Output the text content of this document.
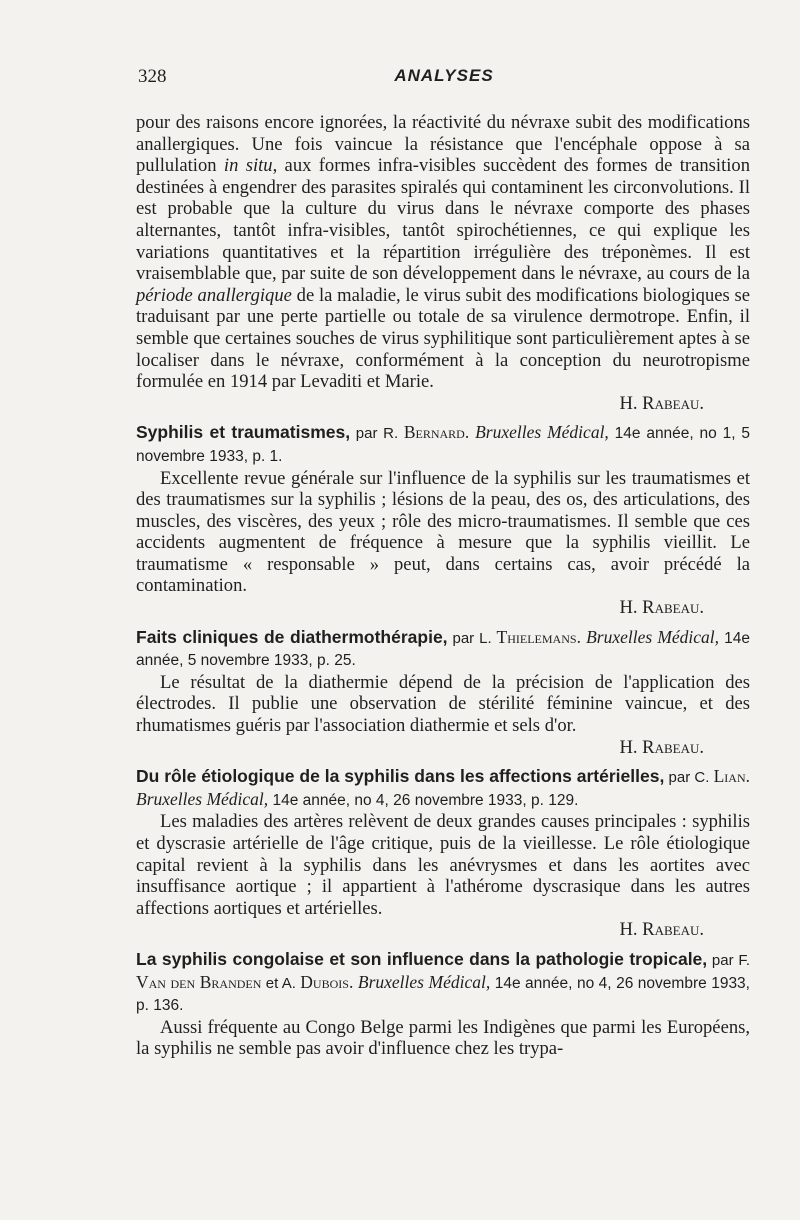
328	ANALYSES

pour des raisons encore ignorées, la réactivité du névraxe subit des modifications anallergiques. Une fois vaincue la résistance que l'encéphale oppose à sa pullulation in situ, aux formes infra-visibles succèdent des formes de transition destinées à engendrer des parasites spiralés qui contaminent les circonvolutions. Il est probable que la culture du virus dans le névraxe comporte des phases alternantes, tantôt infra-visibles, tantôt spirochétiennes, ce qui explique les variations quantitatives et la répartition irrégulière des tréponèmes. Il est vraisemblable que, par suite de son développement dans le névraxe, au cours de la période anallergique de la maladie, le virus subit des modifications biologiques se traduisant par une perte partielle ou totale de sa virulence dermotrope. Enfin, il semble que certaines souches de virus syphilitique sont particulièrement aptes à se localiser dans le névraxe, conformément à la conception du neurotropisme formulée en 1914 par Levaditi et Marie.

H. Rabeau.

Syphilis et traumatismes, par R. Bernard. Bruxelles Médical, 14e année, no 1, 5 novembre 1933, p. 1.

Excellente revue générale sur l'influence de la syphilis sur les traumatismes et des traumatismes sur la syphilis ; lésions de la peau, des os, des articulations, des muscles, des viscères, des yeux ; rôle des micro-traumatismes. Il semble que ces accidents augmentent de fréquence à mesure que la syphilis vieillit. Le traumatisme « responsable » peut, dans certains cas, avoir précédé la contamination.

H. Rabeau.

Faits cliniques de diathermothérapie, par L. Thielemans. Bruxelles Médical, 14e année, 5 novembre 1933, p. 25.

Le résultat de la diathermie dépend de la précision de l'application des électrodes. Il publie une observation de stérilité féminine vaincue, et des rhumatismes guéris par l'association diathermie et sels d'or.

H. Rabeau.

Du rôle étiologique de la syphilis dans les affections artérielles, par C. Lian. Bruxelles Médical, 14e année, no 4, 26 novembre 1933, p. 129.

Les maladies des artères relèvent de deux grandes causes principales : syphilis et dyscrasie artérielle de l'âge critique, puis de la vieillesse. Le rôle étiologique capital revient à la syphilis dans les anévrysmes et dans les aortites avec insuffisance aortique ; il appartient à l'athérome dyscrasique dans les autres affections aortiques et artérielles.

H. Rabeau.

La syphilis congolaise et son influence dans la pathologie tropicale, par F. Van den Branden et A. Dubois. Bruxelles Médical, 14e année, no 4, 26 novembre 1933, p. 136.

Aussi fréquente au Congo Belge parmi les Indigènes que parmi les Européens, la syphilis ne semble pas avoir d'influence chez les trypa-
